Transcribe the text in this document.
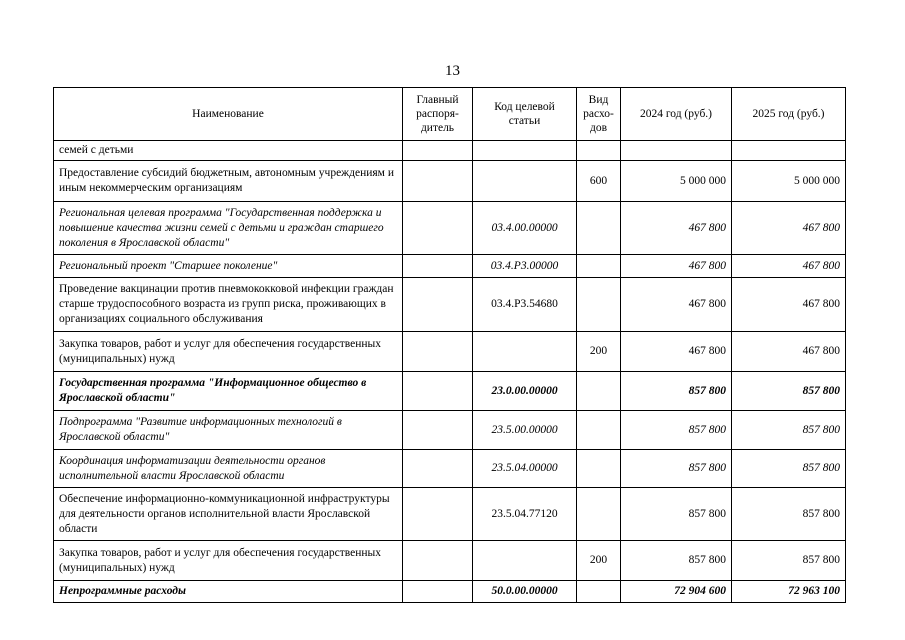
13
Наименование	Главный распоря-дитель	Код целевой статьи	Вид расхо-дов	2024 год (руб.)	2025 год (руб.)
семей с детьми					
Предоставление субсидий бюджетным, автономным учреждениям и иным некоммерческим организациям			600	5 000 000	5 000 000
Региональная целевая программа "Государственная поддержка и повышение качества жизни семей с детьми и граждан старшего поколения в Ярославской области"		03.4.00.00000		467 800	467 800
Региональный проект "Старшее поколение"		03.4.P3.00000		467 800	467 800
Проведение вакцинации против пневмококковой инфекции граждан старше трудоспособного возраста из групп риска, проживающих в организациях социального обслуживания		03.4.P3.54680		467 800	467 800
Закупка товаров, работ и услуг для обеспечения государственных (муниципальных) нужд			200	467 800	467 800
Государственная программа "Информационное общество в Ярославской области"		23.0.00.00000		857 800	857 800
Подпрограмма "Развитие информационных технологий в Ярославской области"		23.5.00.00000		857 800	857 800
Координация информатизации деятельности органов исполнительной власти Ярославской области		23.5.04.00000		857 800	857 800
Обеспечение информационно-коммуникационной инфраструктуры для деятельности органов исполнительной власти Ярославской области		23.5.04.77120		857 800	857 800
Закупка товаров, работ и услуг для обеспечения государственных (муниципальных) нужд			200	857 800	857 800
Непрограммные расходы		50.0.00.00000		72 904 600	72 963 100
